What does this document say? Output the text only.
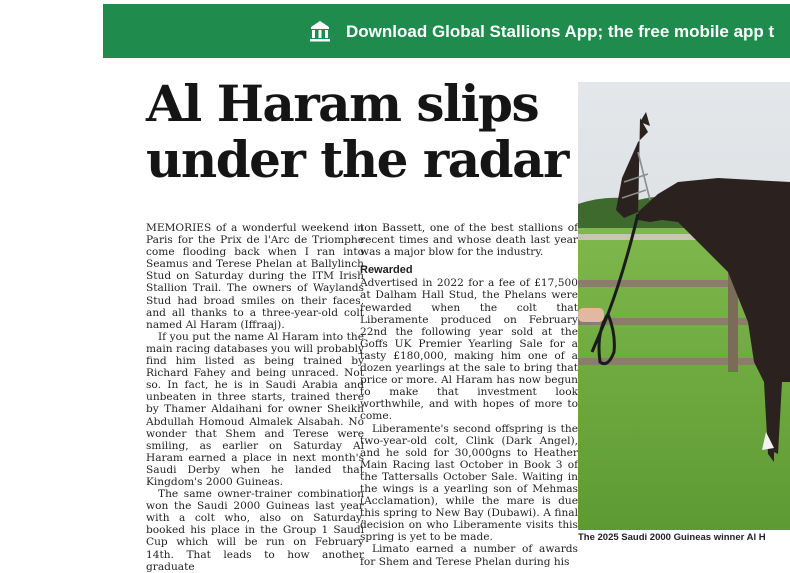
Download Global Stallions App; the free mobile app t
Al Haram slips
under the radar

MEMORIES of a wonderful weekend in Paris for the Prix de l'Arc de Triomphe come flooding back when I ran into Seamus and Terese Phelan at Ballylinch Stud on Saturday during the ITM Irish Stallion Trail. The owners of Waylands Stud had broad smiles on their faces, and all thanks to a three-year-old colt named Al Haram (Iffraaj).

If you put the name Al Haram into the main racing databases you will probably find him listed as being trained by Richard Fahey and being unraced. Not so. In fact, he is in Saudi Arabia and unbeaten in three starts, trained there by Thamer Aldaihani for owner Sheikh Abdullah Homoud Almalek Alsabah. No wonder that Shem and Terese were smiling, as earlier on Saturday Al Haram earned a place in next month's Saudi Derby when he landed that Kingdom's 2000 Guineas.

The same owner-trainer combination won the Saudi 2000 Guineas last year with a colt who, also on Saturday, booked his place in the Group 1 Saudi Cup which will be run on February 14th. That leads to how another graduate

ton Bassett, one of the best stallions of recent times and whose death last year was a major blow for the industry.

Rewarded

Advertised in 2022 for a fee of £17,500 at Dalham Hall Stud, the Phelans were rewarded when the colt that Liberamente produced on February 22nd the following year sold at the Goffs UK Premier Yearling Sale for a tasty £180,000, making him one of a dozen yearlings at the sale to bring that price or more. Al Haram has now begun to make that investment look worthwhile, and with hopes of more to come.

Liberamente's second offspring is the two-year-old colt, Clink (Dark Angel), and he sold for 30,000gns to Heather Main Racing last October in Book 3 of the Tattersalls October Sale. Waiting in the wings is a yearling son of Mehmas (Acclamation), while the mare is due this spring to New Bay (Dubawi). A final decision on who Liberamente visits this spring is yet to be made.

Limato earned a number of awards for Shem and Terese Phelan during his

The 2025 Saudi 2000 Guineas winner Al H
